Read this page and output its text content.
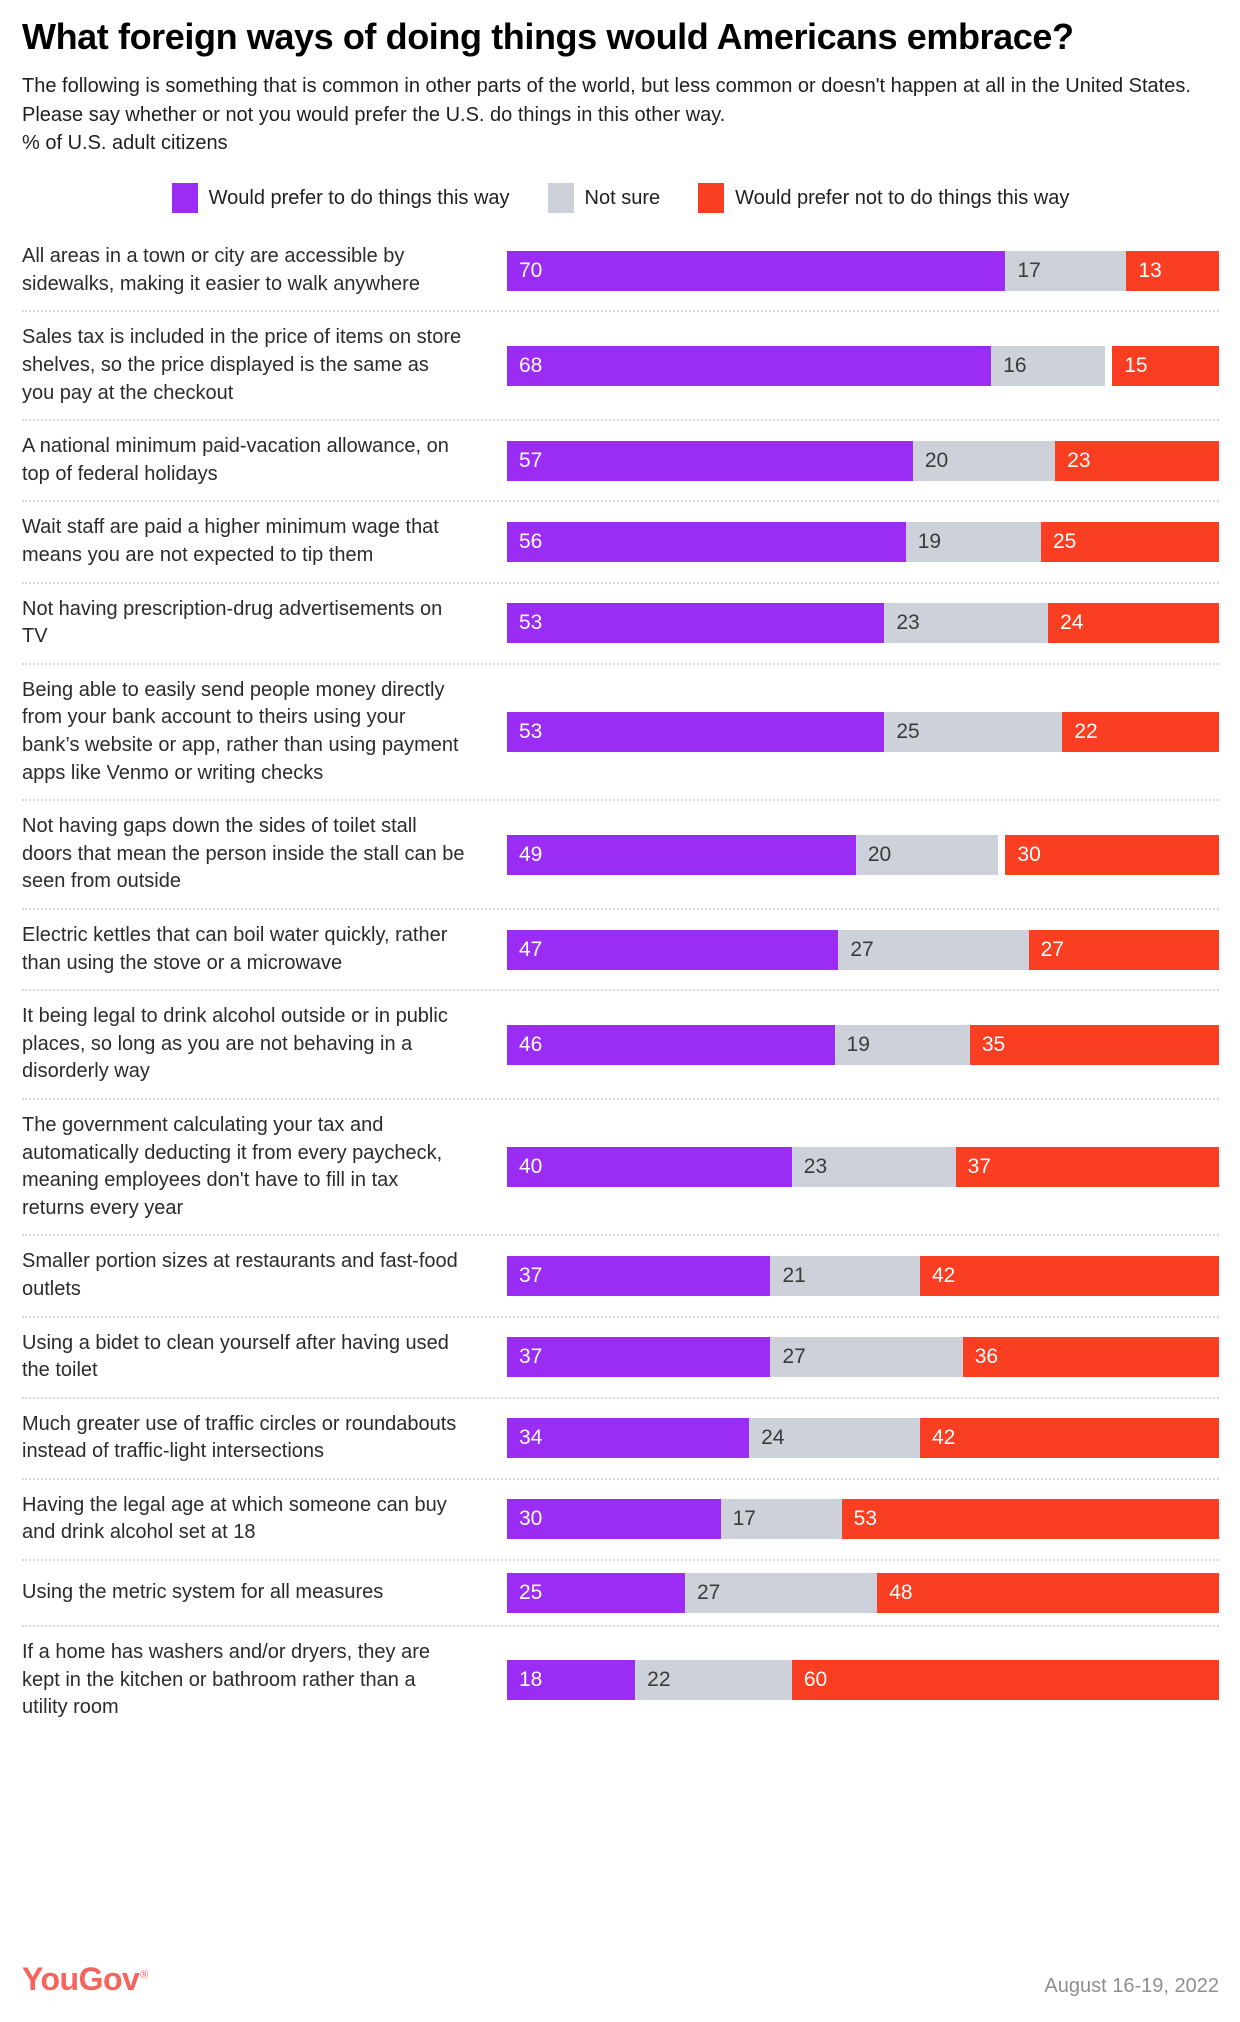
What foreign ways of doing things would Americans embrace?

The following is something that is common in other parts of the world, but less common or doesn't happen at all in the United States. Please say whether or not you would prefer the U.S. do things in this other way.

% of U.S. adult citizens

Would prefer to do things this way	Not sure	Would prefer not to do things this way
All areas in a town or city are accessible by sidewalks, making it easier to walk anywhere
70	17	13
Sales tax is included in the price of items on store shelves, so the price displayed is the same as you pay at the checkout
68	16	15
A national minimum paid-vacation allowance, on top of federal holidays
57	20	23
Wait staff are paid a higher minimum wage that means you are not expected to tip them
56	19	25
Not having prescription-drug advertisements on TV
53	23	24
Being able to easily send people money directly from your bank account to theirs using your bank’s website or app, rather than using payment apps like Venmo or writing checks
53	25	22
Not having gaps down the sides of toilet stall doors that mean the person inside the stall can be seen from outside
49	20	30
Electric kettles that can boil water quickly, rather than using the stove or a microwave
47	27	27
It being legal to drink alcohol outside or in public places, so long as you are not behaving in a disorderly way
46	19	35
The government calculating your tax and automatically deducting it from every paycheck, meaning employees don't have to fill in tax returns every year
40	23	37
Smaller portion sizes at restaurants and fast-food outlets
37	21	42
Using a bidet to clean yourself after having used the toilet
37	27	36
Much greater use of traffic circles or roundabouts instead of traffic-light intersections
34	24	42
Having the legal age at which someone can buy and drink alcohol set at 18
30	17	53
Using the metric system for all measures	25	27	48
If a home has washers and/or dryers, they are kept in the kitchen or bathroom rather than a utility room
18	22	60
YouGov®	August 16-19, 2022
